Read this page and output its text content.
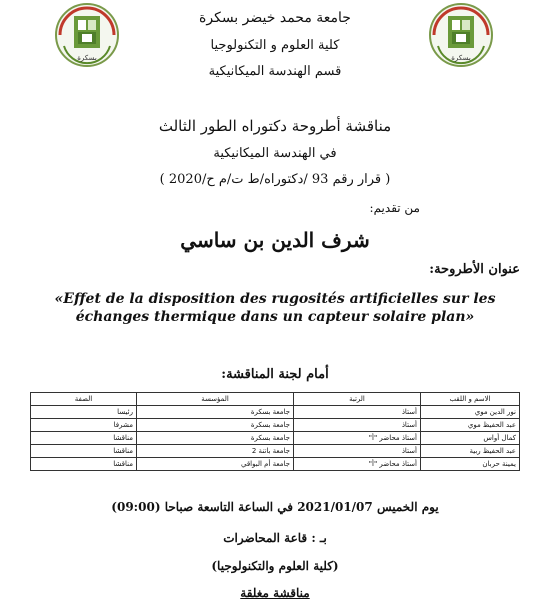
بسكرة	بسكرة
جامعة محمد خيضر بسكرة
كلية العلوم و التكنولوجيا
قسم الهندسة الميكانيكية
مناقشة أطروحة دكتوراه الطور الثالث
في الهندسة الميكانيكية
( قرار رقم 93 /دكتوراه/ط ت/م ح/2020 )
من تقديم:
شرف الدين بن ساسي
عنوان الأطروحة:
«Effet de la disposition des rugosités artificielles sur les échanges thermique dans un capteur solaire plan»
أمام لجنة المناقشة:
الاسم و اللقب	الرتبة	المؤسسة	الصفة
نور الدين موي	أستاذ	جامعة بسكرة	رئيسا
عبد الحفيظ موي	أستاذ	جامعة بسكرة	مشرفا
كمال أواس	أستاذ محاضر "أ"	جامعة بسكرة	مناقشا
عبد الحفيظ ربية	أستاذ	جامعة باتنة 2	مناقشا
يمينة حربان	أستاذ محاضر "أ"	جامعة أم البواقي	مناقشا
يوم الخميس 2021/01/07 في الساعة التاسعة صباحا (09:00)
بـ : قاعة المحاضرات
(كلية العلوم والتكنولوجيا)
مناقشة مغلقة
